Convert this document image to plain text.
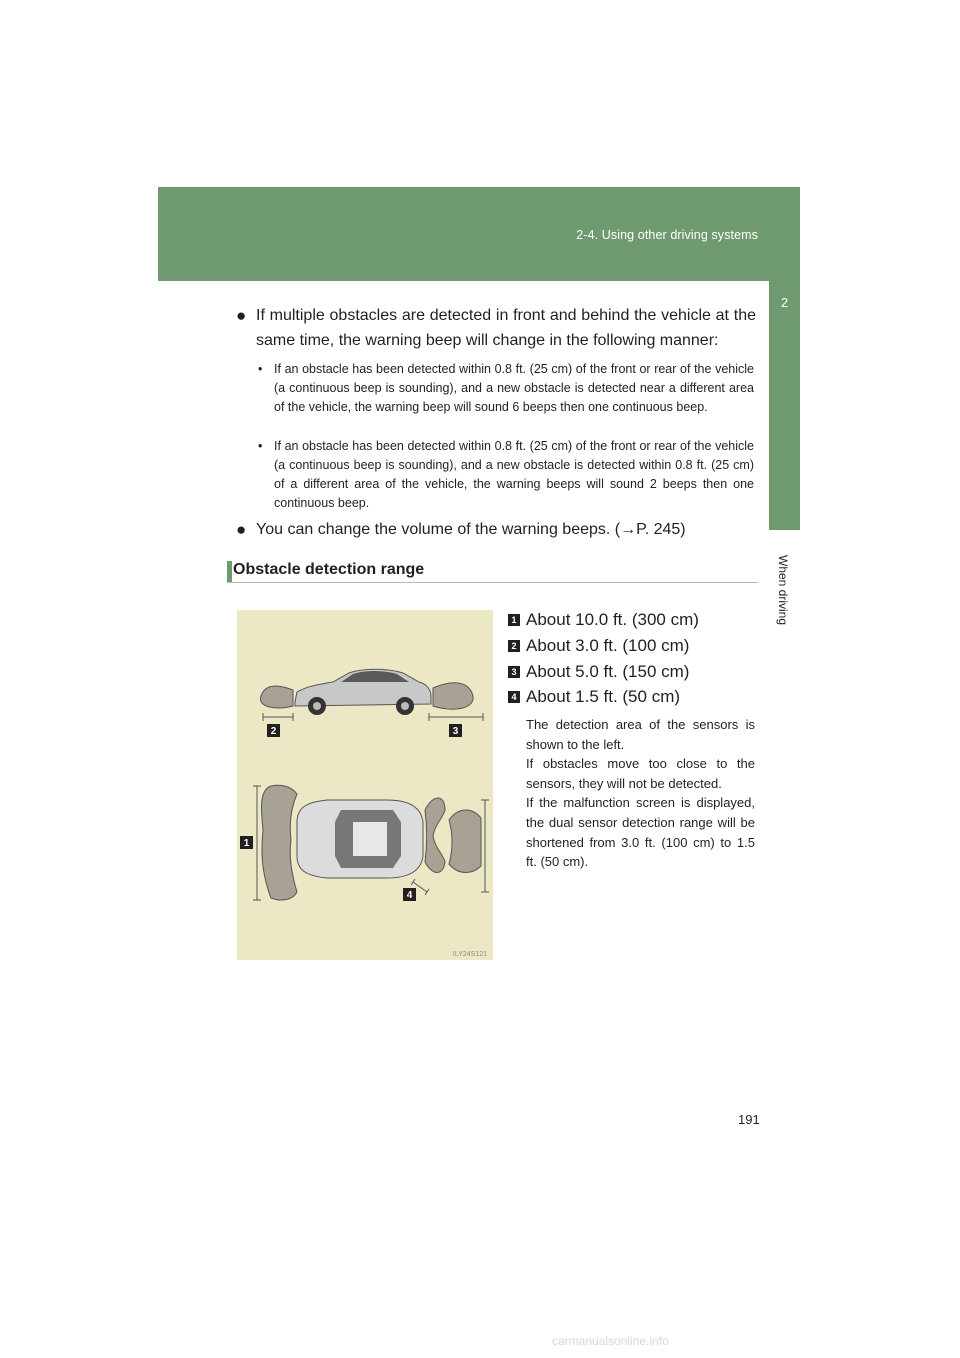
2-4. Using other driving systems
2
When driving
● If multiple obstacles are detected in front and behind the vehicle at the same time, the warning beep will change in the following manner:
• If an obstacle has been detected within 0.8 ft. (25 cm) of the front or rear of the vehicle (a continuous beep is sounding), and a new obstacle is detected near a different area of the vehicle, the warning beep will sound 6 beeps then one continuous beep.
• If an obstacle has been detected within 0.8 ft. (25 cm) of the front or rear of the vehicle (a continuous beep is sounding), and a new obstacle is detected within 0.8 ft. (25 cm) of a different area of the vehicle, the warning beeps will sound 2 beeps then one continuous beep.
● You can change the volume of the warning beeps. (→P. 245)
Obstacle detection range
2	3
1
4
ILY24S121
1 About 10.0 ft. (300 cm)
2 About 3.0 ft. (100 cm)
3 About 5.0 ft. (150 cm)
4 About 1.5 ft. (50 cm)

The detection area of the sensors is shown to the left.

If obstacles move too close to the sensors, they will not be detected.

If the malfunction screen is displayed, the dual sensor detection range will be shortened from 3.0 ft. (100 cm) to 1.5 ft. (50 cm).

191
carmanualsonline.info
